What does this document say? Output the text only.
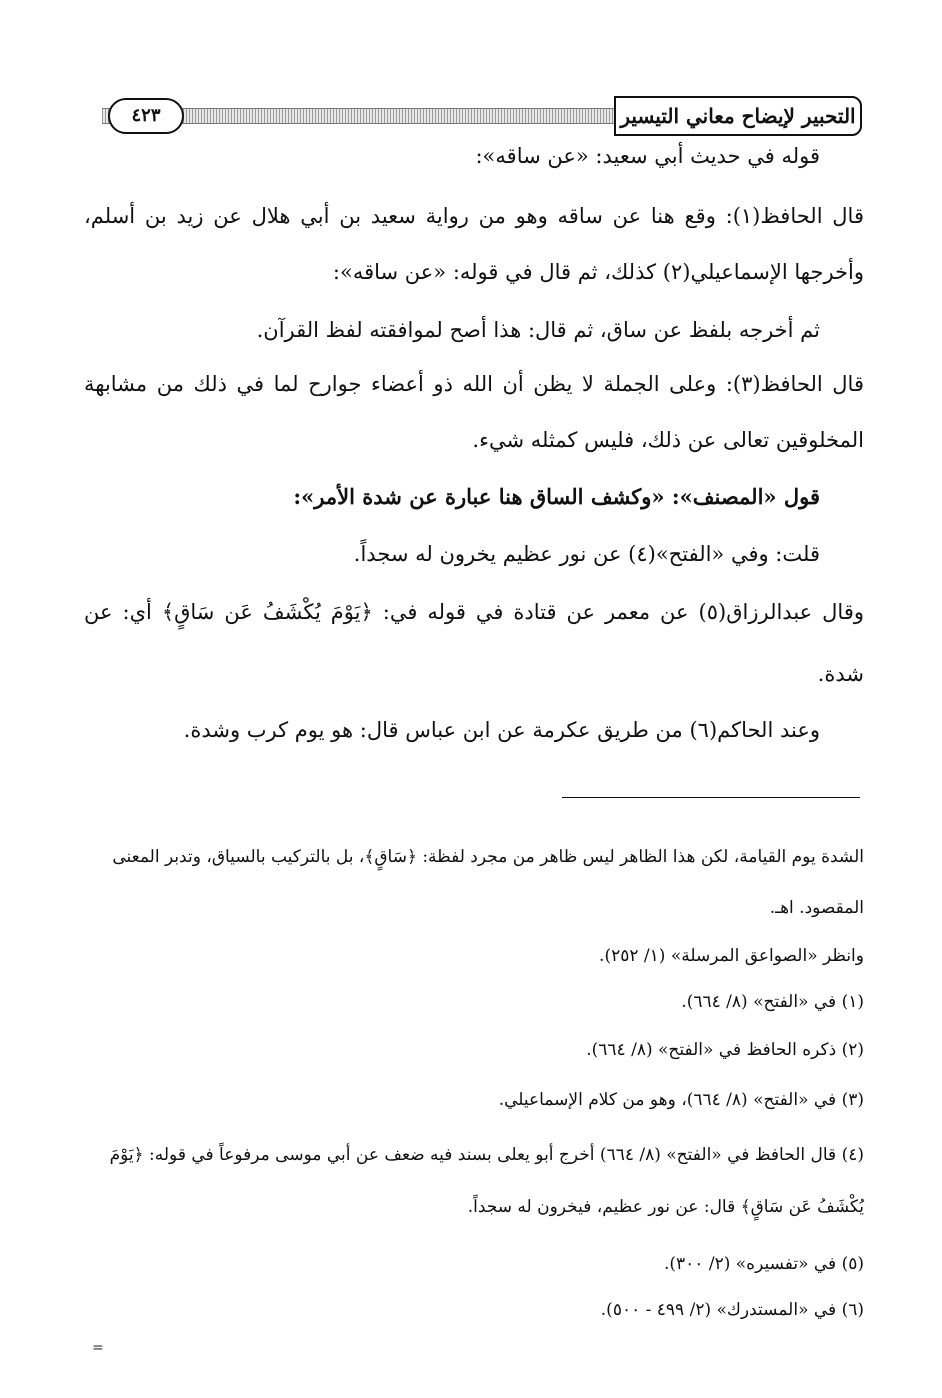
٤٢٣	التحبير لإيضاح معاني التيسير
قوله في حديث أبي سعيد: «عن ساقه»:
قال الحافظ(١): وقع هنا عن ساقه وهو من رواية سعيد بن أبي هلال عن زيد بن أسلم،
وأخرجها الإسماعيلي(٢) كذلك، ثم قال في قوله: «عن ساقه»:
ثم أخرجه بلفظ عن ساق، ثم قال: هذا أصح لموافقته لفظ القرآن.
قال الحافظ(٣): وعلى الجملة لا يظن أن الله ذو أعضاء جوارح لما في ذلك من مشابهة
المخلوقين تعالى عن ذلك، فليس كمثله شيء.
قول «المصنف»: «وكشف الساق هنا عبارة عن شدة الأمر»:
قلت: وفي «الفتح»(٤) عن نور عظيم يخرون له سجداً.
وقال عبدالرزاق(٥) عن معمر عن قتادة في قوله في: ﴿يَوْمَ يُكْشَفُ عَن سَاقٍ﴾ أي: عن
شدة.
وعند الحاكم(٦) من طريق عكرمة عن ابن عباس قال: هو يوم كرب وشدة.
الشدة يوم القيامة، لكن هذا الظاهر ليس ظاهر من مجرد لفظة: ﴿سَاقٍ﴾، بل بالتركيب بالسياق، وتدبر المعنى
المقصود. اهـ.
وانظر «الصواعق المرسلة» (١/ ٢٥٢).
(١) في «الفتح» (٨/ ٦٦٤).
(٢) ذكره الحافظ في «الفتح» (٨/ ٦٦٤).
(٣) في «الفتح» (٨/ ٦٦٤)، وهو من كلام الإسماعيلي.
(٤) قال الحافظ في «الفتح» (٨/ ٦٦٤) أخرج أبو يعلى بسند فيه ضعف عن أبي موسى مرفوعاً في قوله: ﴿يَوْمَ
يُكْشَفُ عَن سَاقٍ﴾ قال: عن نور عظيم، فيخرون له سجداً.
(٥) في «تفسيره» (٢/ ٣٠٠).
(٦) في «المستدرك» (٢/ ٤٩٩ - ٥٠٠).
=
